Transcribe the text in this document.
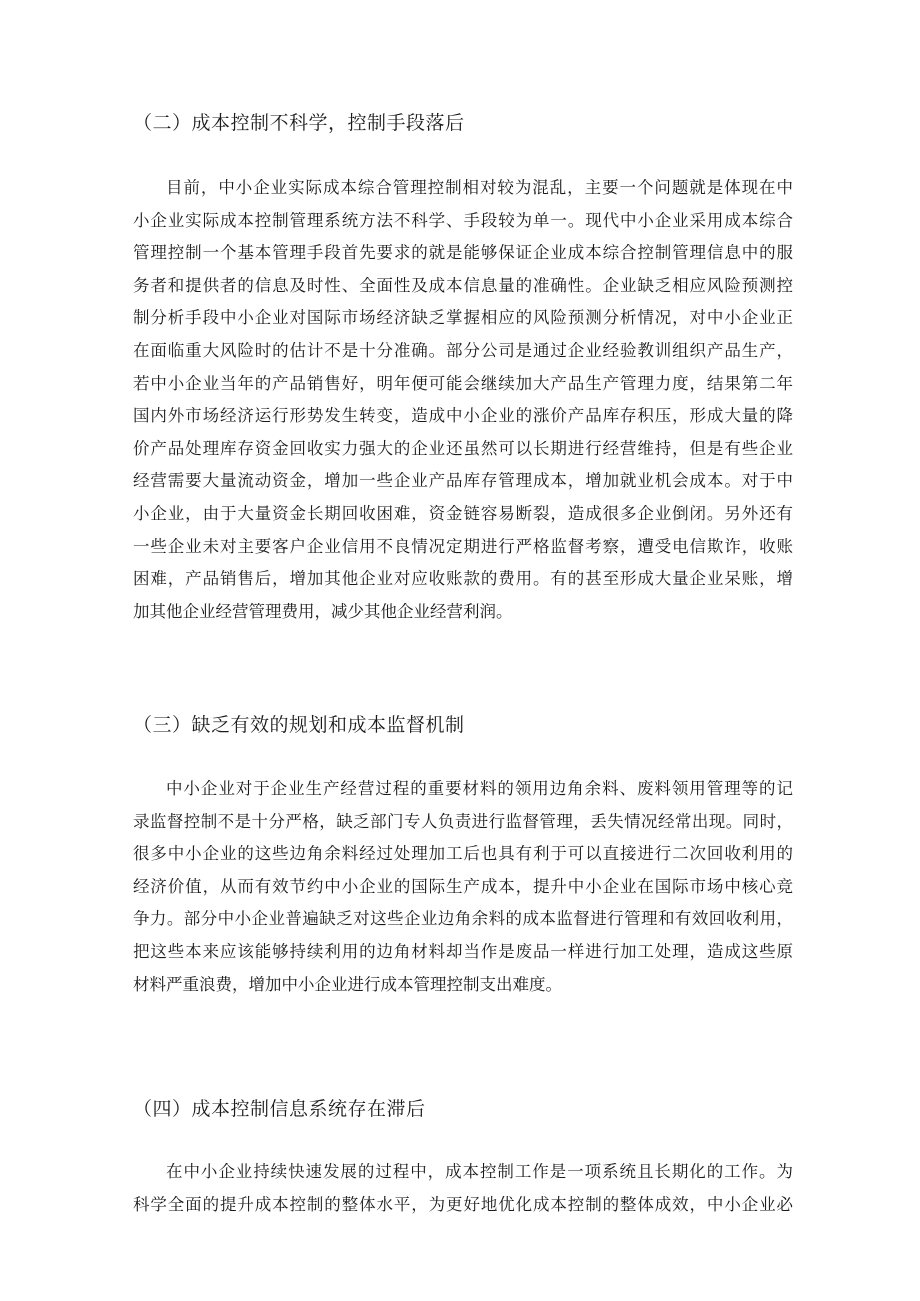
（二）成本控制不科学，控制手段落后
目前，中小企业实际成本综合管理控制相对较为混乱，主要一个问题就是体现在中
小企业实际成本控制管理系统方法不科学、手段较为单一。现代中小企业采用成本综合
管理控制一个基本管理手段首先要求的就是能够保证企业成本综合控制管理信息中的服
务者和提供者的信息及时性、全面性及成本信息量的准确性。企业缺乏相应风险预测控
制分析手段中小企业对国际市场经济缺乏掌握相应的风险预测分析情况，对中小企业正
在面临重大风险时的估计不是十分准确。部分公司是通过企业经验教训组织产品生产，
若中小企业当年的产品销售好，明年便可能会继续加大产品生产管理力度，结果第二年
国内外市场经济运行形势发生转变，造成中小企业的涨价产品库存积压，形成大量的降
价产品处理库存资金回收实力强大的企业还虽然可以长期进行经营维持，但是有些企业
经营需要大量流动资金，增加一些企业产品库存管理成本，增加就业机会成本。对于中
小企业，由于大量资金长期回收困难，资金链容易断裂，造成很多企业倒闭。另外还有
一些企业未对主要客户企业信用不良情况定期进行严格监督考察，遭受电信欺诈，收账
困难，产品销售后，增加其他企业对应收账款的费用。有的甚至形成大量企业呆账，增
加其他企业经营管理费用，减少其他企业经营利润。
（三）缺乏有效的规划和成本监督机制
中小企业对于企业生产经营过程的重要材料的领用边角余料、废料领用管理等的记
录监督控制不是十分严格，缺乏部门专人负责进行监督管理，丢失情况经常出现。同时，
很多中小企业的这些边角余料经过处理加工后也具有利于可以直接进行二次回收利用的
经济价值，从而有效节约中小企业的国际生产成本，提升中小企业在国际市场中核心竞
争力。部分中小企业普遍缺乏对这些企业边角余料的成本监督进行管理和有效回收利用，
把这些本来应该能够持续利用的边角材料却当作是废品一样进行加工处理，造成这些原
材料严重浪费，增加中小企业进行成本管理控制支出难度。
（四）成本控制信息系统存在滞后
在中小企业持续快速发展的过程中，成本控制工作是一项系统且长期化的工作。为
科学全面的提升成本控制的整体水平，为更好地优化成本控制的整体成效，中小企业必
